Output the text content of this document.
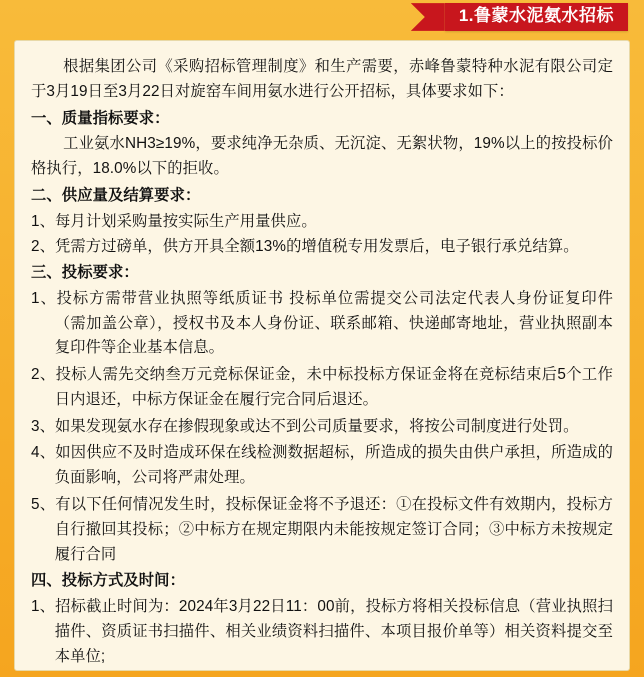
1.鲁蒙水泥氨水招标

根据集团公司《采购招标管理制度》和生产需要，赤峰鲁蒙特种水泥有限公司定于3月19日至3月22日对旋窑车间用氨水进行公开招标，具体要求如下：

一、质量指标要求：

工业氨水NH3≥19%，要求纯净无杂质、无沉淀、无絮状物，19%以上的按投标价格执行，18.0%以下的拒收。

二、供应量及结算要求：

1、每月计划采购量按实际生产用量供应。

2、凭需方过磅单，供方开具全额13%的增值税专用发票后，电子银行承兑结算。

三、投标要求：

1、投标方需带营业执照等纸质证书 投标单位需提交公司法定代表人身份证复印件（需加盖公章），授权书及本人身份证、联系邮箱、快递邮寄地址，营业执照副本复印件等企业基本信息。

2、投标人需先交纳叁万元竞标保证金，未中标投标方保证金将在竞标结束后5个工作日内退还，中标方保证金在履行完合同后退还。

3、如果发现氨水存在掺假现象或达不到公司质量要求，将按公司制度进行处罚。

4、如因供应不及时造成环保在线检测数据超标，所造成的损失由供户承担，所造成的负面影响，公司将严肃处理。

5、有以下任何情况发生时，投标保证金将不予退还：①在投标文件有效期内，投标方自行撤回其投标；②中标方在规定期限内未能按规定签订合同；③中标方未按规定履行合同

四、投标方式及时间：

1、招标截止时间为：2024年3月22日11：00前，投标方将相关投标信息（营业执照扫描件、资质证书扫描件、相关业绩资料扫描件、本项目报价单等）相关资料提交至本单位;
